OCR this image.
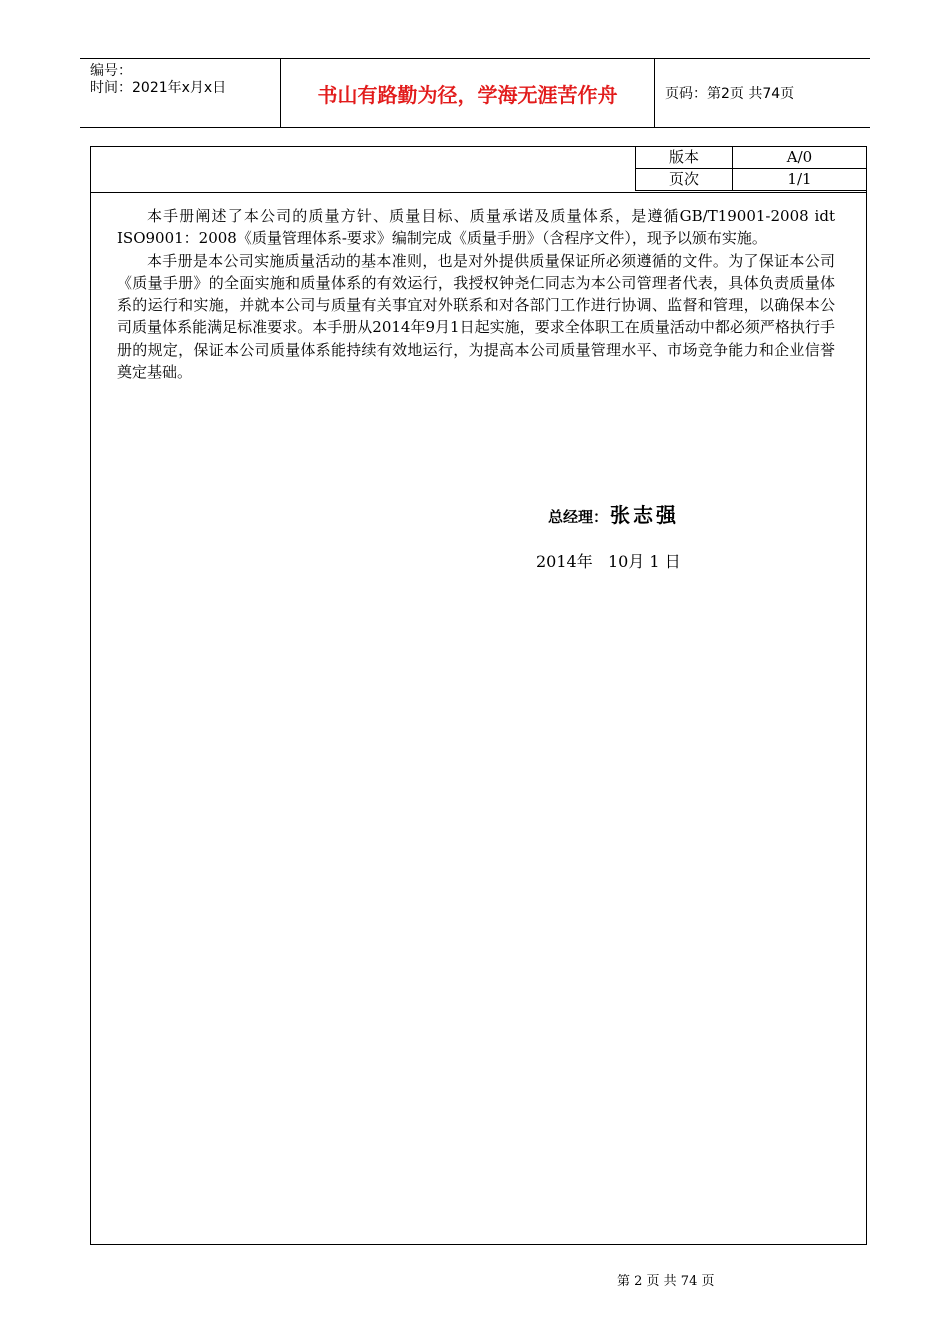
编号：
时间：2021年x月x日	书山有路勤为径，学海无涯苦作舟	页码：第2页 共74页
版本	A/0
页次	1/1

本手册阐述了本公司的质量方针、质量目标、质量承诺及质量体系，是遵循GB/T19001-2008 idt ISO9001：2008《质量管理体系-要求》编制完成《质量手册》（含程序文件），现予以颁布实施。

本手册是本公司实施质量活动的基本准则，也是对外提供质量保证所必须遵循的文件。为了保证本公司《质量手册》的全面实施和质量体系的有效运行，我授权钟尧仁同志为本公司管理者代表，具体负责质量体系的运行和实施，并就本公司与质量有关事宜对外联系和对各部门工作进行协调、监督和管理，以确保本公司质量体系能满足标准要求。本手册从2014年9月1日起实施，要求全体职工在质量活动中都必须严格执行手册的规定，保证本公司质量体系能持续有效地运行，为提高本公司质量管理水平、市场竞争能力和企业信誉奠定基础。

总经理： 张志强
2014年   10月 1 日
第 2 页 共 74 页
